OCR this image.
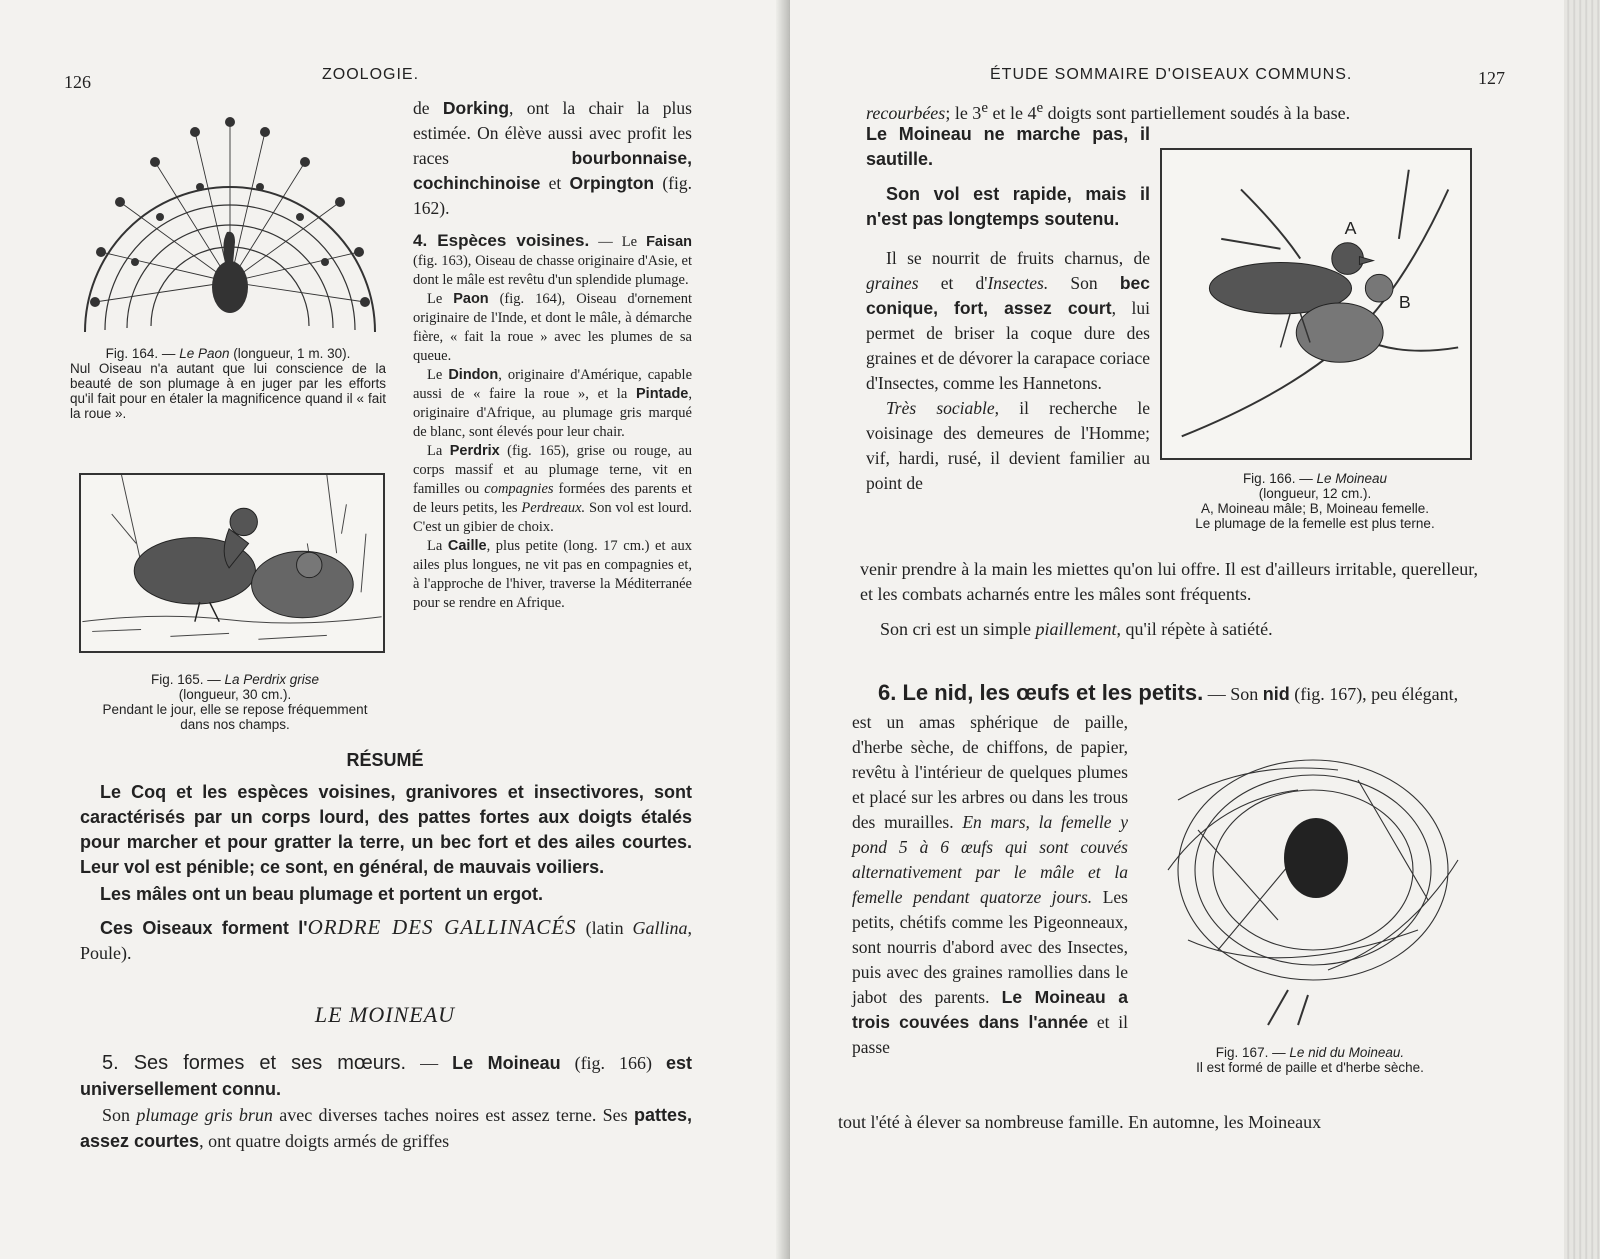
126	ZOOLOGIE.
Fig. 164. — Le Paon (longueur, 1 m. 30).
Nul Oiseau n'a autant que lui conscience de la beauté de son plumage à en juger par les efforts qu'il fait pour en étaler la magnificence quand il « fait la roue ».
Fig. 165. — La Perdrix grise
(longueur, 30 cm.).
Pendant le jour, elle se repose fréquemment dans nos champs.

de Dorking, ont la chair la plus estimée. On élève aussi avec profit les races bourbonnaise, cochinchinoise et Orpington (fig. 162).

4. Espèces voisines. — Le Faisan (fig. 163), Oiseau de chasse originaire d'Asie, et dont le mâle est revêtu d'un splendide plumage.

Le Paon (fig. 164), Oiseau d'ornement originaire de l'Inde, et dont le mâle, à démarche fière, « fait la roue » avec les plumes de sa queue.

Le Dindon, originaire d'Amérique, capable aussi de « faire la roue », et la Pintade, originaire d'Afrique, au plumage gris marqué de blanc, sont élevés pour leur chair.

La Perdrix (fig. 165), grise ou rouge, au corps massif et au plumage terne, vit en familles ou compagnies formées des parents et de leurs petits, les Perdreaux. Son vol est lourd. C'est un gibier de choix.

La Caille, plus petite (long. 17 cm.) et aux ailes plus longues, ne vit pas en compagnies et, à l'approche de l'hiver, traverse la Méditerranée pour se rendre en Afrique.

RÉSUMÉ

Le Coq et les espèces voisines, granivores et insectivores, sont caractérisés par un corps lourd, des pattes fortes aux doigts étalés pour marcher et pour gratter la terre, un bec fort et des ailes courtes. Leur vol est pénible; ce sont, en général, de mauvais voiliers.

Les mâles ont un beau plumage et portent un ergot.

Ces Oiseaux forment l'ORDRE DES GALLINACÉS (latin Gallina, Poule).

LE MOINEAU

5. Ses formes et ses mœurs. — Le Moineau (fig. 166) est universellement connu.

Son plumage gris brun avec diverses taches noires est assez terne. Ses pattes, assez courtes, ont quatre doigts armés de griffes

ÉTUDE SOMMAIRE D'OISEAUX COMMUNS.	127

recourbées; le 3e et le 4e doigts sont partiellement soudés à la base.

Le Moineau ne marche pas, il sautille.

Son vol est rapide, mais il n'est pas longtemps soutenu.

Il se nourrit de fruits charnus, de graines et d'Insectes. Son bec conique, fort, assez court, lui permet de briser la coque dure des graines et de dévorer la carapace coriace d'Insectes, comme les Hannetons.

Très sociable, il recherche le voisinage des demeures de l'Homme; vif, hardi, rusé, il devient familier au point de

A
B
Fig. 166. — Le Moineau
(longueur, 12 cm.).
A, Moineau mâle; B, Moineau femelle.
Le plumage de la femelle est plus terne.

venir prendre à la main les miettes qu'on lui offre. Il est d'ailleurs irritable, querelleur, et les combats acharnés entre les mâles sont fréquents.

Son cri est un simple piaillement, qu'il répète à satiété.

6. Le nid, les œufs et les petits. — Son nid (fig. 167), peu élégant,

est un amas sphérique de paille, d'herbe sèche, de chiffons, de papier, revêtu à l'intérieur de quelques plumes et placé sur les arbres ou dans les trous des murailles. En mars, la femelle y pond 5 à 6 œufs qui sont couvés alternativement par le mâle et la femelle pendant quatorze jours. Les petits, chétifs comme les Pigeonneaux, sont nourris d'abord avec des Insectes, puis avec des graines ramollies dans le jabot des parents. Le Moineau a trois couvées dans l'année et il passe	Fig. 167. — Le nid du Moineau.
Il est formé de paille et d'herbe sèche.

tout l'été à élever sa nombreuse famille. En automne, les Moineaux
